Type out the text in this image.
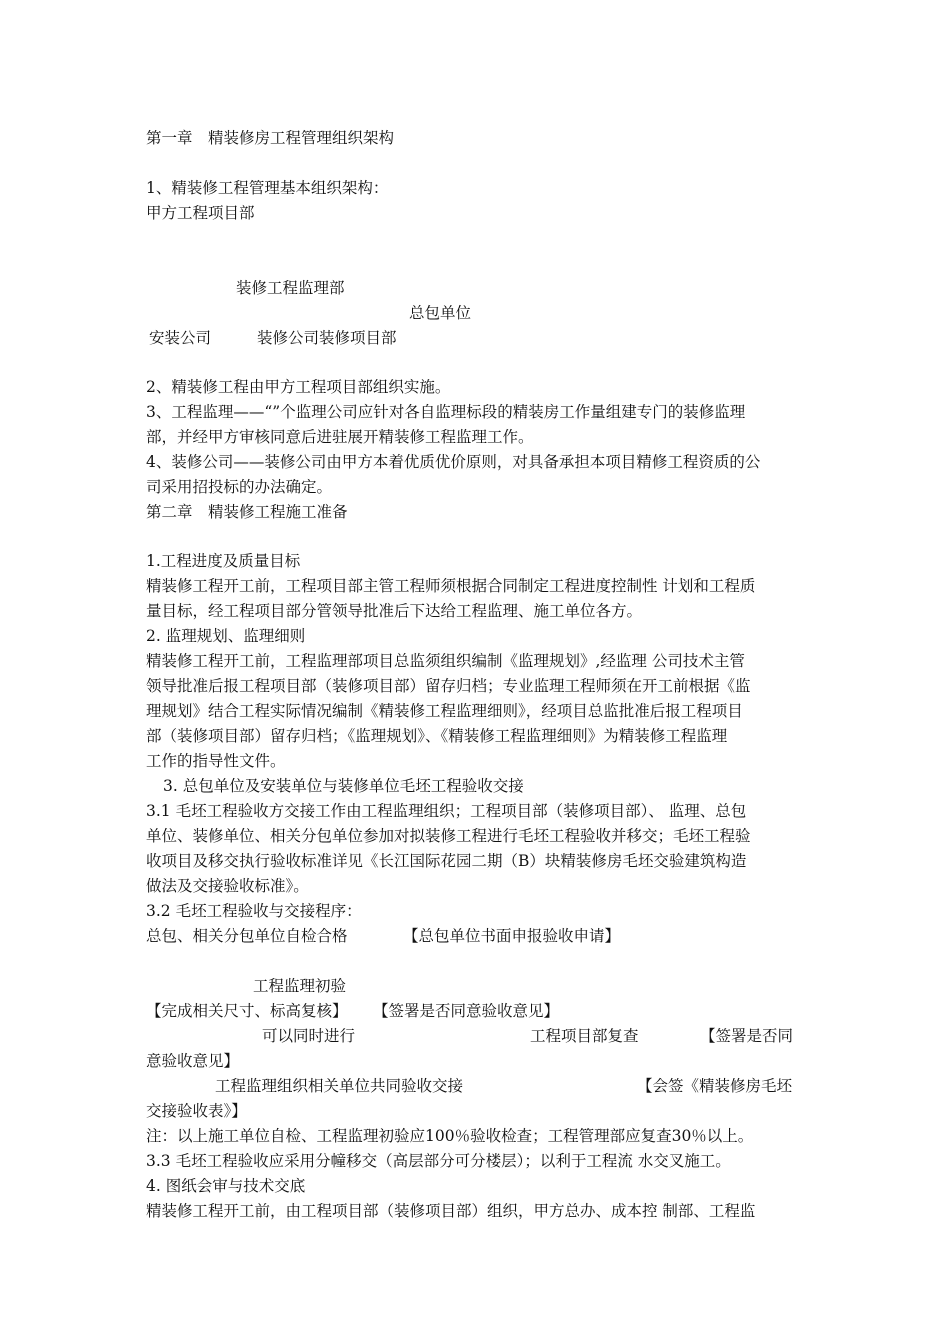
第一章　精装修房工程管理组织架构
1、精装修工程管理基本组织架构：
甲方工程项目部
装修工程监理部
总包单位
安装公司	装修公司装修项目部
2、精装修工程由甲方工程项目部组织实施。
3、工程监理——“”个监理公司应针对各自监理标段的精装房工作量组建专门的装修监理
部，并经甲方审核同意后进驻展开精装修工程监理工作。
4、装修公司——装修公司由甲方本着优质优价原则，对具备承担本项目精修工程资质的公
司采用招投标的办法确定。
第二章　精装修工程施工准备
1.工程进度及质量目标
精装修工程开工前，工程项目部主管工程师须根据合同制定工程进度控制性 计划和工程质
量目标，经工程项目部分管领导批准后下达给工程监理、施工单位各方。
2. 监理规划、监理细则
精装修工程开工前，工程监理部项目总监须组织编制《监理规划》,经监理 公司技术主管
领导批准后报工程项目部（装修项目部）留存归档；专业监理工程师须在开工前根据《监
理规划》结合工程实际情况编制《精装修工程监理细则》，经项目总监批准后报工程项目
部（装修项目部）留存归档；《监理规划》、《精装修工程监理细则》为精装修工程监理
工作的指导性文件。
3. 总包单位及安装单位与装修单位毛坯工程验收交接
3.1 毛坯工程验收方交接工作由工程监理组织；工程项目部（装修项目部）、 监理、总包
单位、装修单位、相关分包单位参加对拟装修工程进行毛坯工程验收并移交；毛坯工程验
收项目及移交执行验收标准详见《长江国际花园二期（B）块精装修房毛坯交验建筑构造
做法及交接验收标准》。
3.2 毛坯工程验收与交接程序：
总包、相关分包单位自检合格	【总包单位书面申报验收申请】
工程监理初验
【完成相关尺寸、标高复核】 【签署是否同意验收意见】
可以同时进行	工程项目部复查	【签署是否同
意验收意见】
工程监理组织相关单位共同验收交接	【会签《精装修房毛坯
交接验收表》】
注：以上施工单位自检、工程监理初验应100％验收检查；工程管理部应复查30％以上。
3.3 毛坯工程验收应采用分幢移交（高层部分可分楼层）；以利于工程流 水交叉施工。
4. 图纸会审与技术交底
精装修工程开工前，由工程项目部（装修项目部）组织，甲方总办、成本控 制部、工程监
